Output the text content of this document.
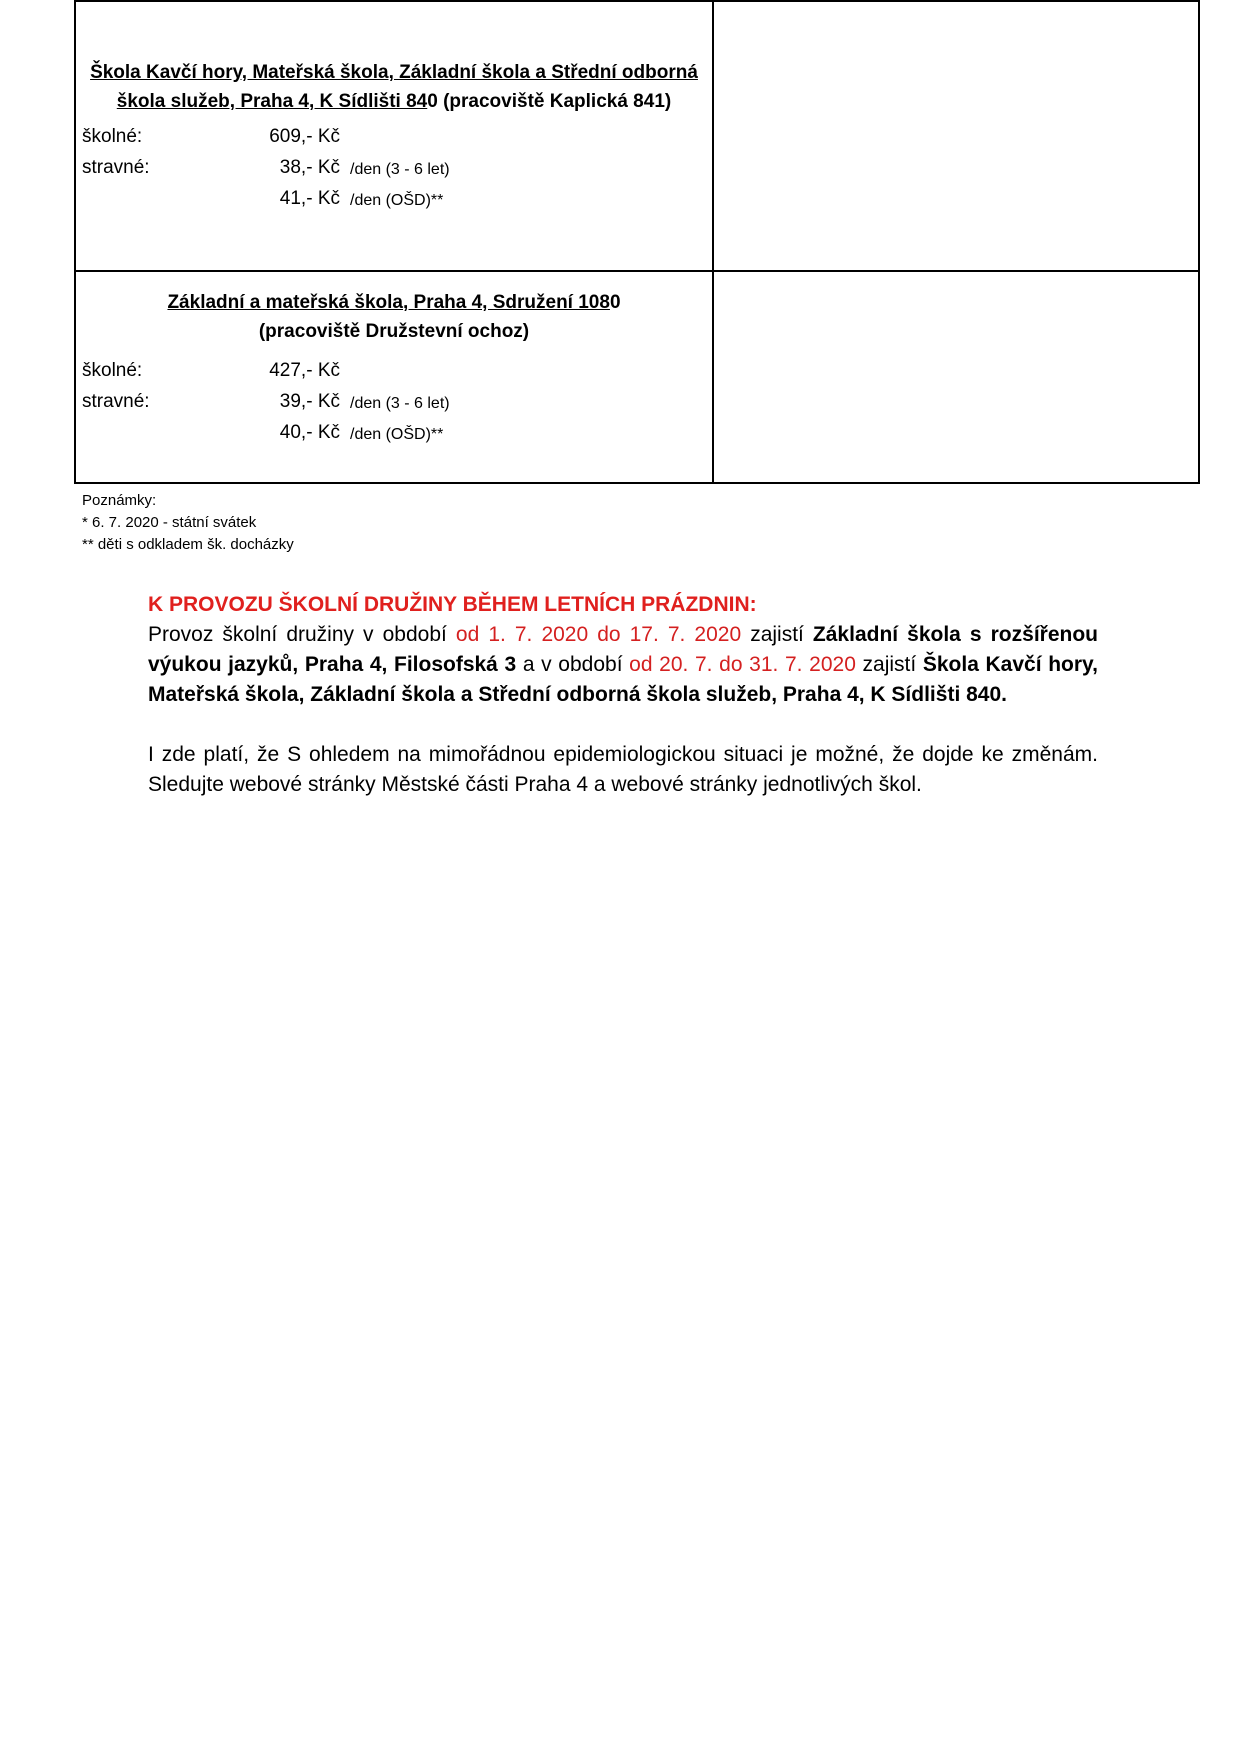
Škola Kavčí hory, Mateřská škola, Základní škola a Střední odborná škola služeb, Praha 4, K Sídlišti 840 (pracoviště Kaplická 841)
školné:	609,- Kč
stravné:	38,- Kč /den (3 - 6 let)
41,- Kč /den (OŠD)**
Základní a mateřská škola, Praha 4, Sdružení 1080
(pracoviště Družstevní ochoz)
školné:	427,- Kč
stravné:	39,- Kč /den (3 - 6 let)
40,- Kč /den (OŠD)**
Poznámky:
* 6. 7. 2020 - státní svátek
** děti s odkladem šk. docházky
K PROVOZU ŠKOLNÍ DRUŽINY BĚHEM LETNÍCH PRÁZDNIN:
Provoz školní družiny v období od 1. 7. 2020 do 17. 7. 2020 zajistí Základní škola s rozšířenou výukou jazyků, Praha 4, Filosofská 3 a v období od 20. 7. do 31. 7. 2020 zajistí Škola Kavčí hory, Mateřská škola, Základní škola a Střední odborná škola služeb, Praha 4, K Sídlišti 840.
I zde platí, že S ohledem na mimořádnou epidemiologickou situaci je možné, že dojde ke změnám. Sledujte webové stránky Městské části Praha 4 a webové stránky jednotlivých škol.
